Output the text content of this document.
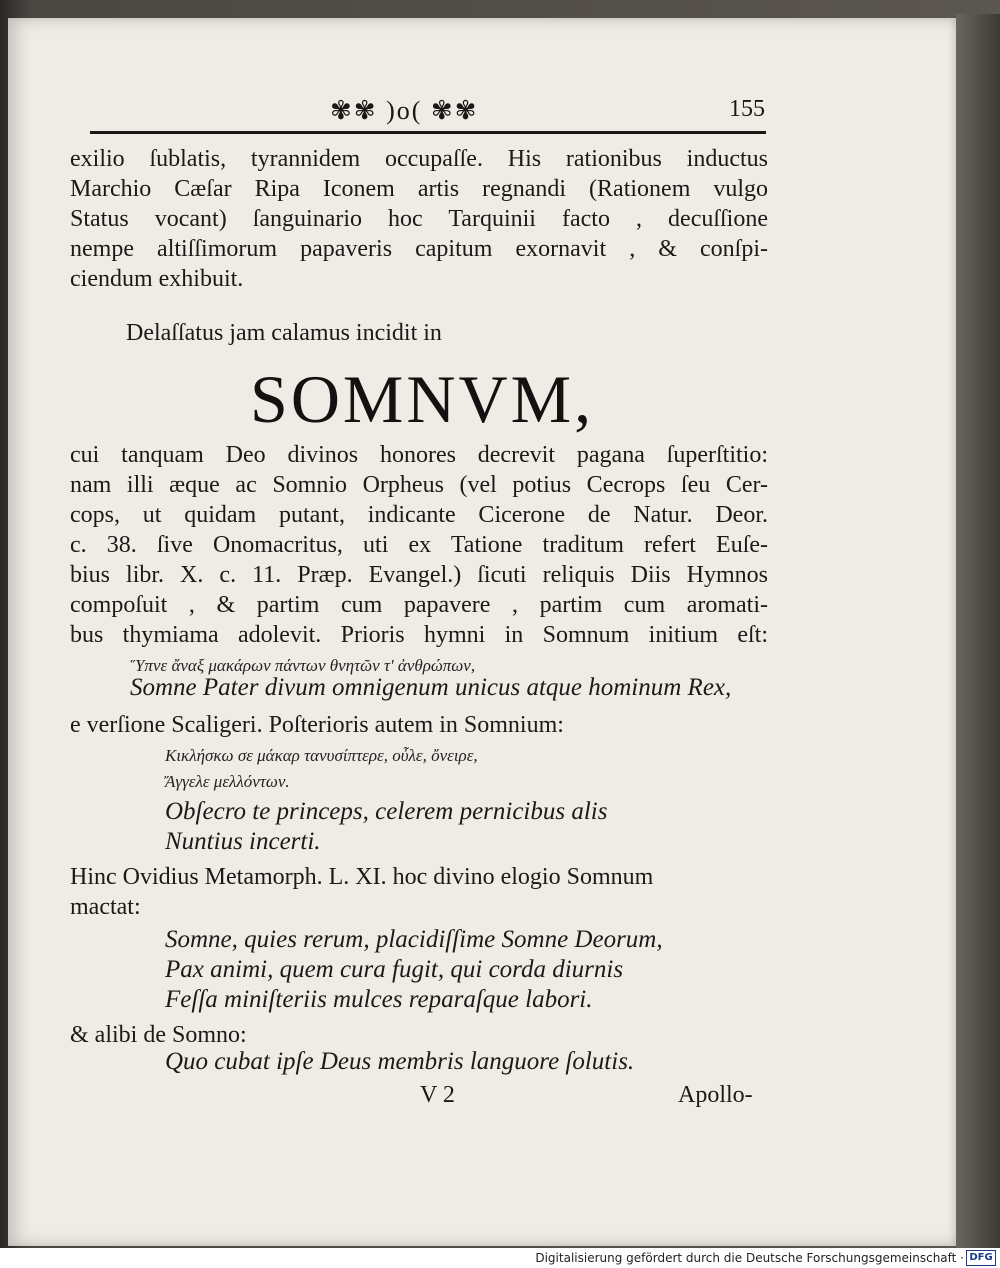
✾✾ )o( ✾✾	155
exilio ſublatis, tyrannidem occupaſſe. His rationibus inductus
Marchio Cæſar Ripa Iconem artis regnandi (Rationem vulgo
Status vocant) ſanguinario hoc Tarquinii facto , decuſſione
nempe altiſſimorum papaveris capitum exornavit , & conſpi-
ciendum exhibuit.
Delaſſatus jam calamus incidit in
SOMNVM,
cui tanquam Deo divinos honores decrevit pagana ſuperſtitio:
nam illi æque ac Somnio Orpheus (vel potius Cecrops ſeu Cer-
cops, ut quidam putant, indicante Cicerone de Natur. Deor.
c. 38. ſive Onomacritus, uti ex Tatione traditum refert Euſe-
bius libr. X. c. 11. Præp. Evangel.) ſicuti reliquis Diis Hymnos
compoſuit , & partim cum papavere , partim cum aromati-
bus thymiama adolevit. Prioris hymni in Somnum initium eſt:
Ὕπνε ἄναξ μακάρων πάντων θνητῶν τ' ἀνθρώπων,
Somne Pater divum omnigenum unicus atque hominum Rex,
e verſione Scaligeri. Poſterioris autem in Somnium:
Κικλήσκω σε μάκαρ τανυσίπτερε, οὖλε, ὄνειρε,
Ἄγγελε μελλόντων.
Obſecro te princeps, celerem pernicibus alis
Nuntius incerti.
Hinc Ovidius Metamorph. L. XI. hoc divino elogio Somnum
mactat:
Somne, quies rerum, placidiſſime Somne Deorum,
Pax animi, quem cura fugit, qui corda diurnis
Feſſa miniſteriis mulces reparaſque labori.
& alibi de Somno:
Quo cubat ipſe Deus membris languore ſolutis.
V 2	Apollo-
Digitalisierung gefördert durch die Deutsche Forschungsgemeinschaft · DFG
